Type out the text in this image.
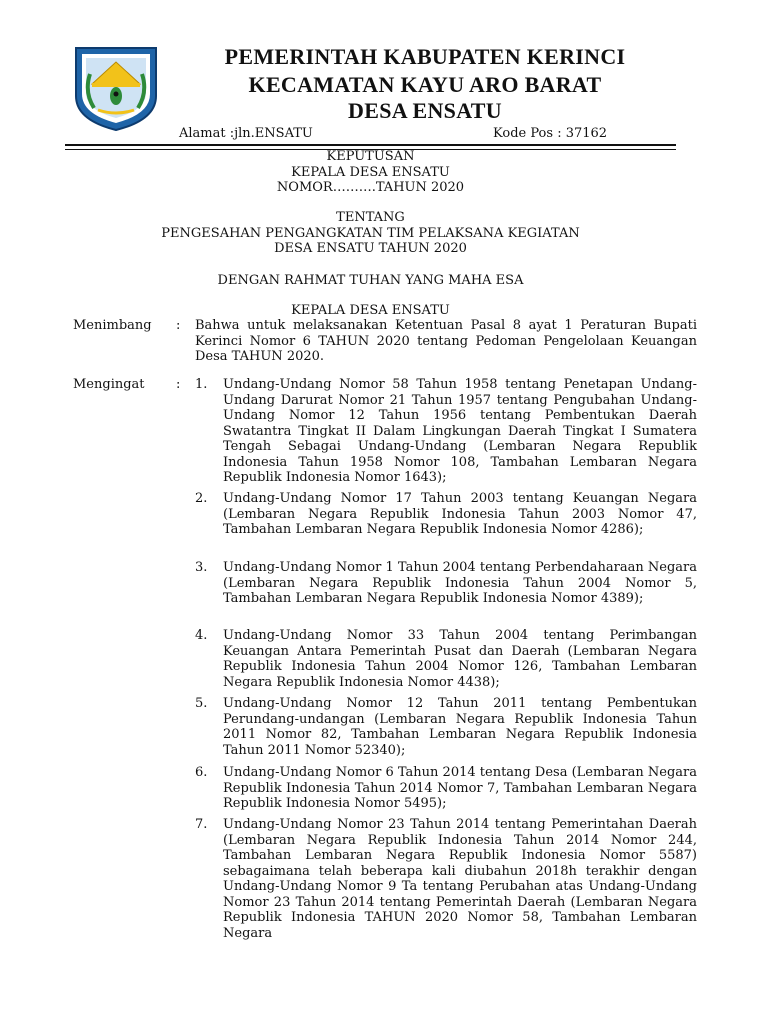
PEMERINTAH KABUPATEN KERINCI
KECAMATAN KAYU ARO BARAT
DESA ENSATU
Alamat :jln.ENSATU	Kode Pos : 37162
KEPUTUSAN
KEPALA DESA ENSATU
NOMOR……….TAHUN 2020
TENTANG
PENGESAHAN PENGANGKATAN TIM PELAKSANA KEGIATAN
DESA ENSATU TAHUN 2020
DENGAN RAHMAT TUHAN YANG MAHA ESA
KEPALA DESA ENSATU
Menimbang : Bahwa untuk melaksanakan Ketentuan Pasal 8 ayat 1 Peraturan Bupati Kerinci Nomor 6 TAHUN 2020 tentang Pedoman Pengelolaan Keuangan Desa TAHUN 2020.

Mengingat : 1. Undang-Undang Nomor 58 Tahun 1958 tentang Penetapan Undang-Undang Darurat Nomor 21 Tahun 1957 tentang Pengubahan Undang-Undang Nomor 12 Tahun 1956 tentang Pembentukan Daerah Swatantra Tingkat II Dalam Lingkungan Daerah Tingkat I Sumatera Tengah Sebagai Undang-Undang (Lembaran Negara Republik Indonesia Tahun 1958 Nomor 108, Tambahan Lembaran Negara Republik Indonesia Nomor 1643);

2. Undang-Undang Nomor 17 Tahun 2003 tentang Keuangan Negara (Lembaran Negara Republik Indonesia Tahun 2003 Nomor 47, Tambahan Lembaran Negara Republik Indonesia Nomor 4286);

3. Undang-Undang Nomor 1 Tahun 2004 tentang Perbendaharaan Negara (Lembaran Negara Republik Indonesia Tahun 2004 Nomor 5, Tambahan Lembaran Negara Republik Indonesia Nomor 4389);

4. Undang-Undang Nomor 33 Tahun 2004 tentang Perimbangan Keuangan Antara Pemerintah Pusat dan Daerah (Lembaran Negara Republik Indonesia Tahun 2004 Nomor 126, Tambahan Lembaran Negara Republik Indonesia Nomor 4438);

5. Undang-Undang Nomor 12 Tahun 2011 tentang Pembentukan Perundang-undangan (Lembaran Negara Republik Indonesia Tahun 2011 Nomor 82, Tambahan Lembaran Negara Republik Indonesia Tahun 2011 Nomor 52340);

6. Undang-Undang Nomor 6 Tahun 2014 tentang Desa (Lembaran Negara Republik Indonesia Tahun 2014 Nomor 7, Tambahan Lembaran Negara Republik Indonesia Nomor 5495);

7. Undang-Undang Nomor 23 Tahun 2014 tentang Pemerintahan Daerah (Lembaran Negara Republik Indonesia Tahun 2014 Nomor 244, Tambahan Lembaran Negara Republik Indonesia Nomor 5587) sebagaimana telah beberapa kali diubahun 2018h terakhir dengan Undang-Undang Nomor 9 Ta tentang Perubahan atas Undang-Undang Nomor 23 Tahun 2014 tentang Pemerintah Daerah (Lembaran Negara Republik Indonesia TAHUN 2020 Nomor 58, Tambahan Lembaran Negara
